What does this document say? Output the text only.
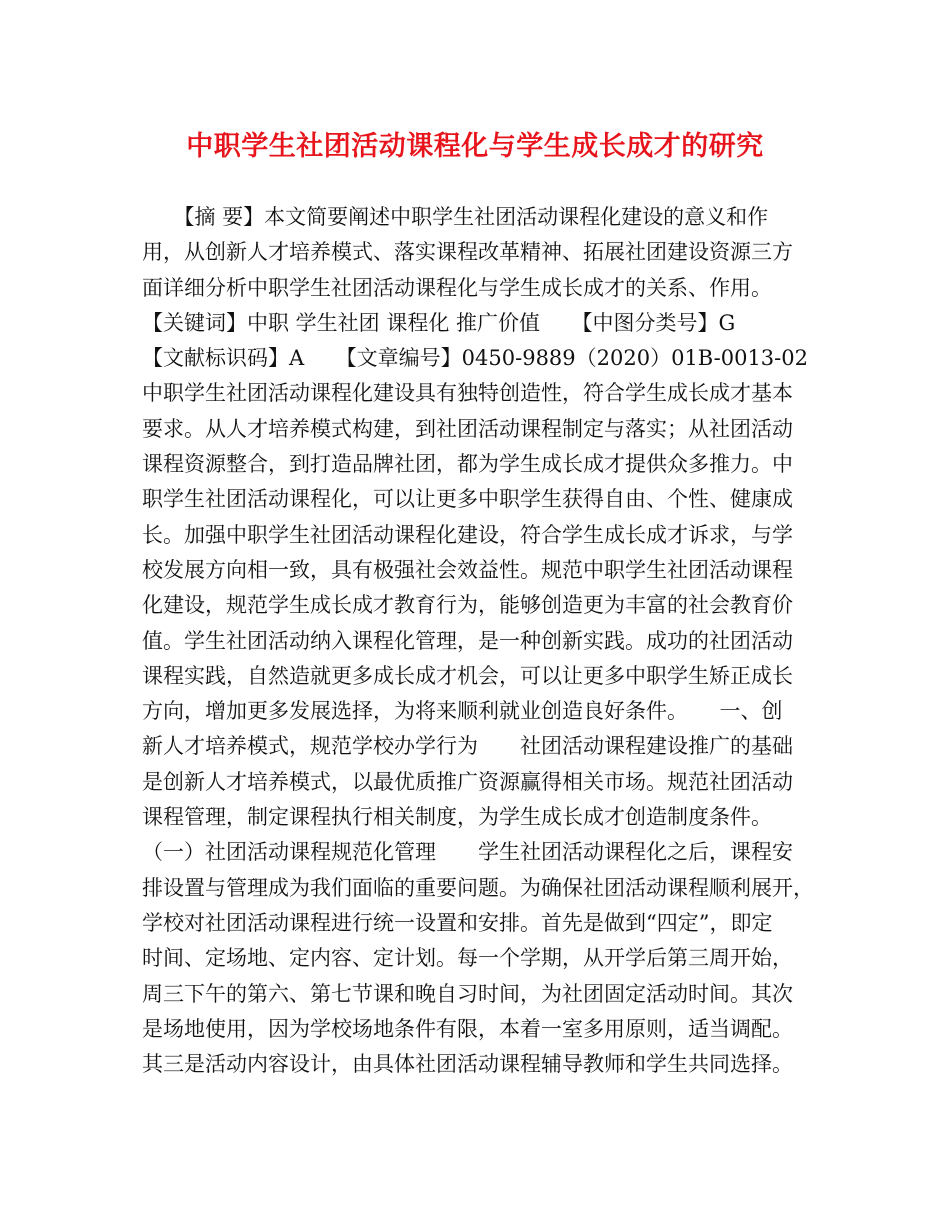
中职学生社团活动课程化与学生成长成才的研究
　　【摘 要】本文简要阐述中职学生社团活动课程化建设的意义和作
用，从创新人才培养模式、落实课程改革精神、拓展社团建设资源三方
面详细分析中职学生社团活动课程化与学生成长成才的关系、作用。
【关键词】中职 学生社团 课程化 推广价值　　【中图分类号】G
【文献标识码】A　　【文章编号】0450-9889（2020）01B-0013-02
中职学生社团活动课程化建设具有独特创造性，符合学生成长成才基本
要求。从人才培养模式构建，到社团活动课程制定与落实；从社团活动
课程资源整合，到打造品牌社团，都为学生成长成才提供众多推力。中
职学生社团活动课程化，可以让更多中职学生获得自由、个性、健康成
长。加强中职学生社团活动课程化建设，符合学生成长成才诉求，与学
校发展方向相一致，具有极强社会效益性。规范中职学生社团活动课程
化建设，规范学生成长成才教育行为，能够创造更为丰富的社会教育价
值。学生社团活动纳入课程化管理，是一种创新实践。成功的社团活动
课程实践，自然造就更多成长成才机会，可以让更多中职学生矫正成长
方向，增加更多发展选择，为将来顺利就业创造良好条件。　　一、创
新人才培养模式，规范学校办学行为　　社团活动课程建设推广的基础
是创新人才培养模式，以最优质推广资源赢得相关市场。规范社团活动
课程管理，制定课程执行相关制度，为学生成长成才创造制度条件。
（一）社团活动课程规范化管理　　学生社团活动课程化之后，课程安
排设置与管理成为我们面临的重要问题。为确保社团活动课程顺利展开，
学校对社团活动课程进行统一设置和安排。首先是做到“四定”，即定
时间、定场地、定内容、定计划。每一个学期，从开学后第三周开始，
周三下午的第六、第七节课和晚自习时间，为社团固定活动时间。其次
是场地使用，因为学校场地条件有限，本着一室多用原则，适当调配。
其三是活动内容设计，由具体社团活动课程辅导教师和学生共同选择。
